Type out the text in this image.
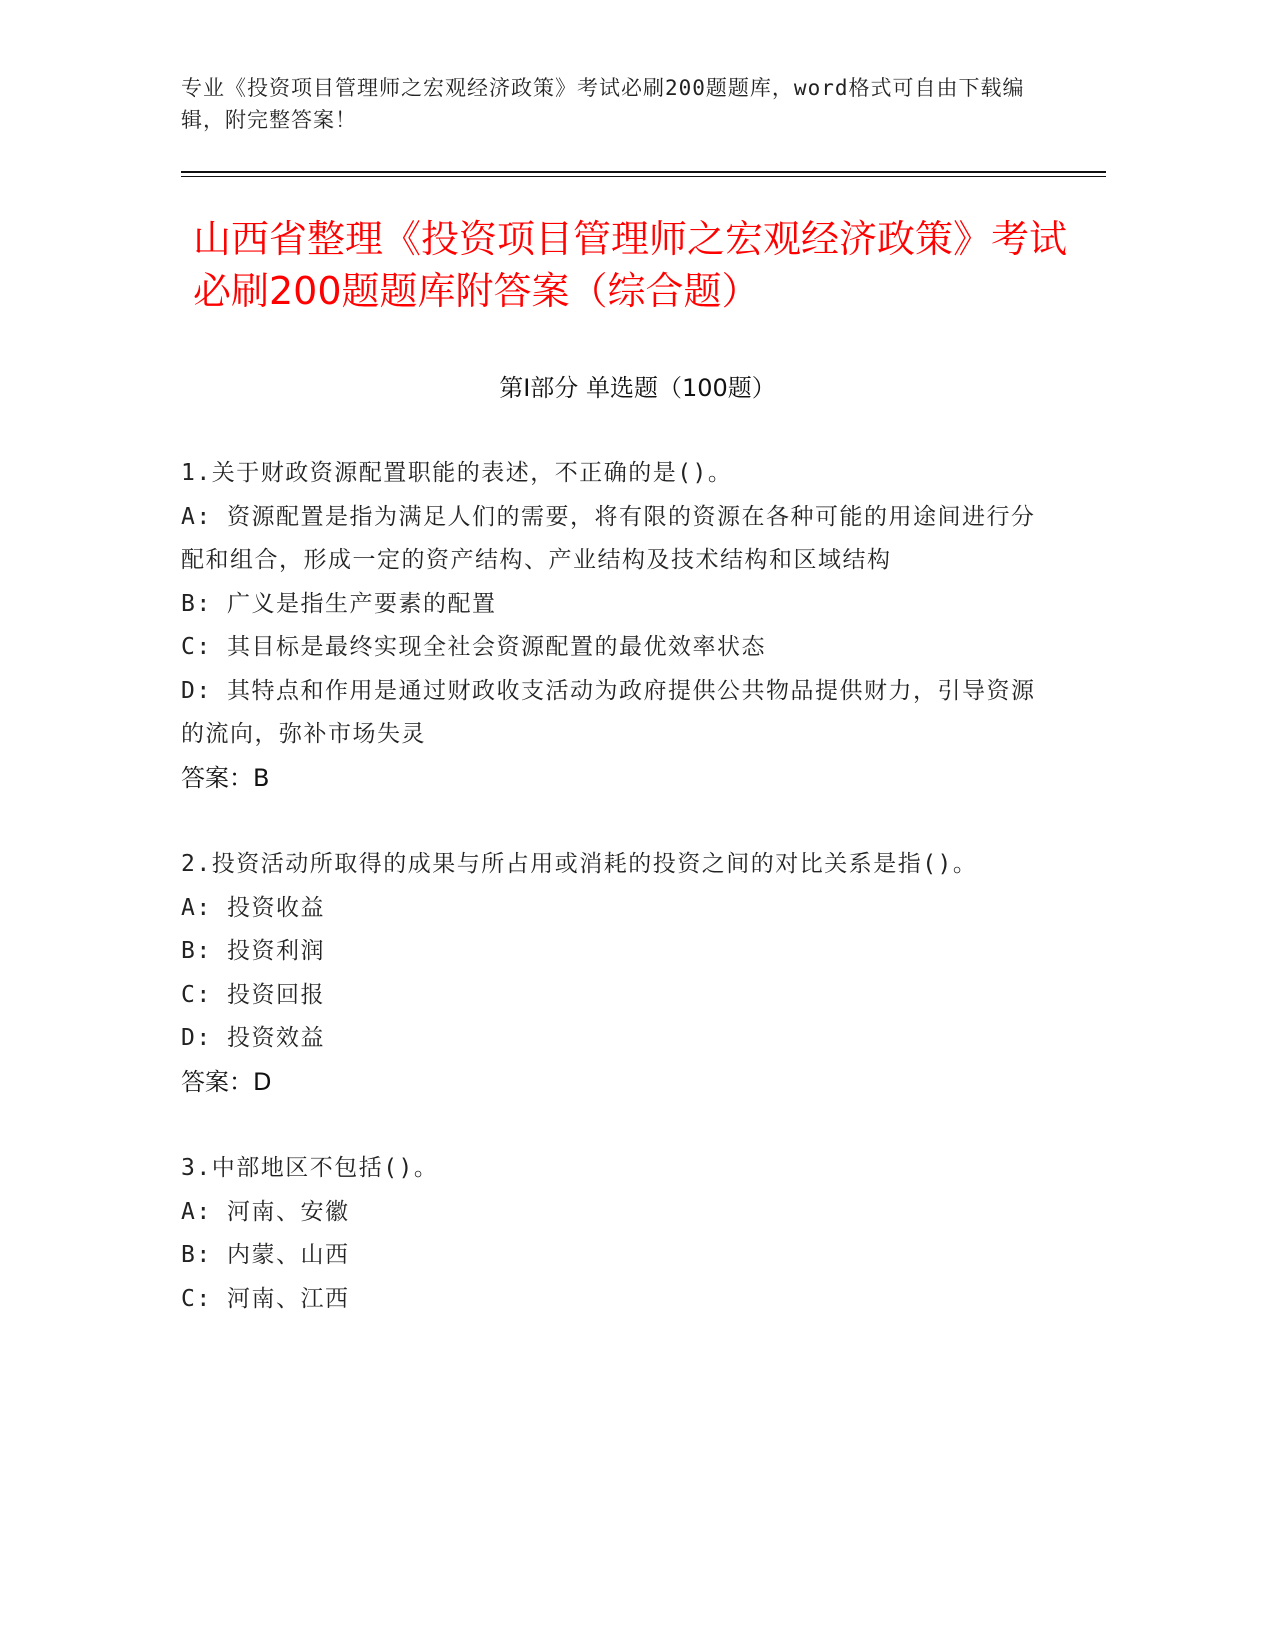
专业《投资项目管理师之宏观经济政策》考试必刷200题题库，word格式可自由下载编辑，附完整答案！
山西省整理《投资项目管理师之宏观经济政策》考试必刷200题题库附答案（综合题）
第Ⅰ部分 单选题（100题）
1.关于财政资源配置职能的表述，不正确的是()。
A: 资源配置是指为满足人们的需要，将有限的资源在各种可能的用途间进行分配和组合，形成一定的资产结构、产业结构及技术结构和区域结构
B: 广义是指生产要素的配置
C: 其目标是最终实现全社会资源配置的最优效率状态
D: 其特点和作用是通过财政收支活动为政府提供公共物品提供财力，引导资源的流向，弥补市场失灵
答案：B
2.投资活动所取得的成果与所占用或消耗的投资之间的对比关系是指()。
A: 投资收益
B: 投资利润
C: 投资回报
D: 投资效益
答案：D
3.中部地区不包括()。
A: 河南、安徽
B: 内蒙、山西
C: 河南、江西
